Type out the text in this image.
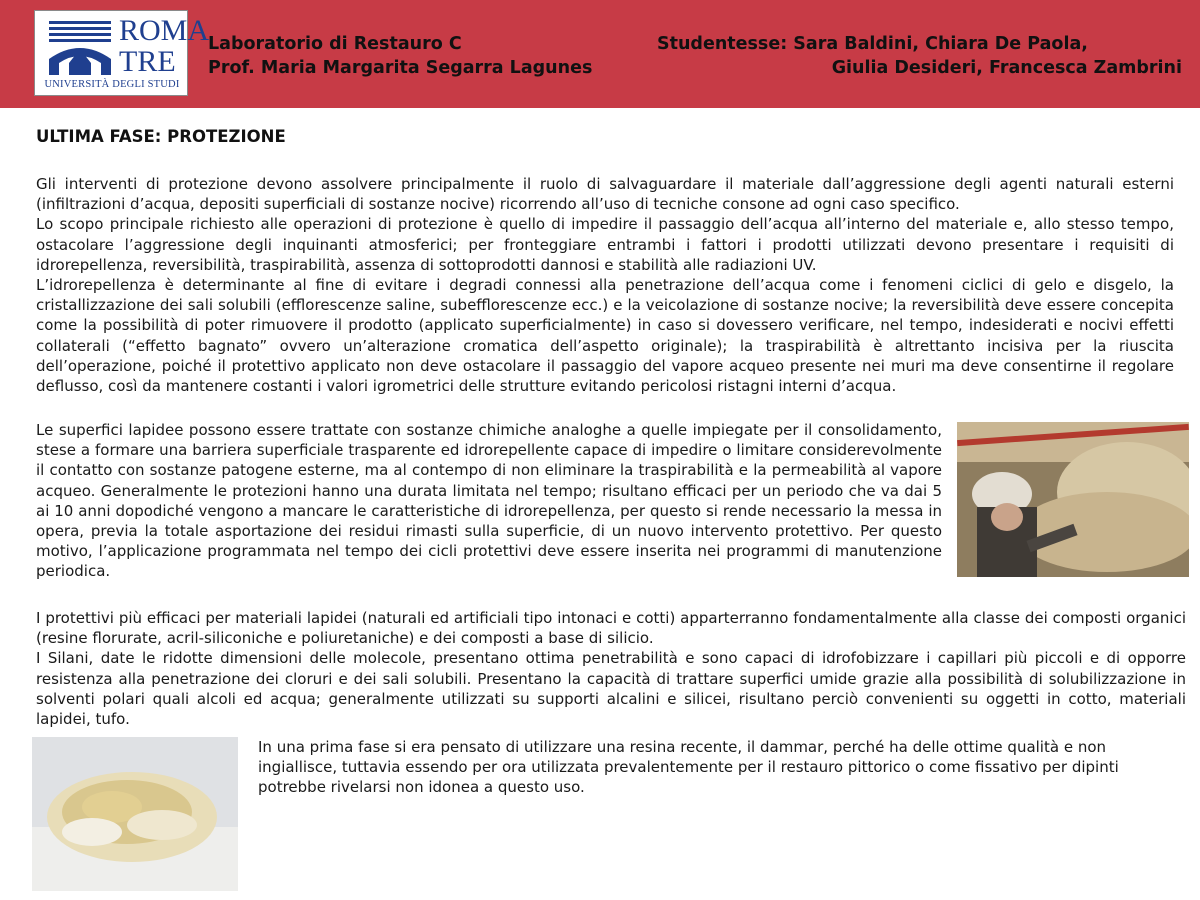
ROMA
TRE
UNIVERSITÀ DEGLI STUDI
Laboratorio di Restauro C
Prof. Maria Margarita Segarra Lagunes
Studentesse: Sara Baldini, Chiara De Paola,
Giulia Desideri, Francesca Zambrini
ULTIMA FASE: PROTEZIONE

Gli interventi di protezione devono assolvere principalmente il ruolo di salvaguardare il materiale dall’aggressione degli agenti naturali esterni (infiltrazioni d’acqua, depositi superficiali di sostanze nocive) ricorrendo all’uso di tecniche consone ad ogni caso specifico.

Lo scopo principale richiesto alle operazioni di protezione è quello di impedire il passaggio dell’acqua all’interno del materiale e, allo stesso tempo, ostacolare l’aggressione degli inquinanti atmosferici; per fronteggiare entrambi i fattori i prodotti utilizzati devono presentare i requisiti di idrorepellenza, reversibilità, traspirabilità, assenza di sottoprodotti dannosi e stabilità alle radiazioni UV.

L’idrorepellenza è determinante al fine di evitare i degradi connessi alla penetrazione dell’acqua come i fenomeni ciclici di gelo e disgelo, la cristallizzazione dei sali solubili (efflorescenze saline, subefflorescenze ecc.) e la veicolazione di sostanze nocive; la reversibilità deve essere concepita come la possibilità di poter rimuovere il prodotto (applicato superficialmente) in caso si dovessero verificare, nel tempo, indesiderati e nocivi effetti collaterali (“effetto bagnato” ovvero un’alterazione cromatica dell’aspetto originale); la traspirabilità è altrettanto incisiva per la riuscita dell’operazione, poiché il protettivo applicato non deve ostacolare il passaggio del vapore acqueo presente nei muri ma deve consentirne il regolare deflusso, così da mantenere costanti i valori igrometrici delle strutture evitando pericolosi ristagni interni d’acqua.

Le superfici lapidee possono essere trattate con sostanze chimiche analoghe a quelle impiegate per il consolidamento, stese a formare una barriera superficiale trasparente ed idrorepellente capace di impedire o limitare considerevolmente il contatto con sostanze patogene esterne, ma al contempo di non eliminare la traspirabilità e la permeabilità al vapore acqueo. Generalmente le protezioni hanno una durata limitata nel tempo; risultano efficaci per un periodo che va dai 5 ai 10 anni dopodiché vengono a mancare le caratteristiche di idrorepellenza, per questo si rende necessario la messa in opera, previa la totale asportazione dei residui rimasti sulla superficie, di un nuovo intervento protettivo. Per questo motivo, l’applicazione programmata nel tempo dei cicli protettivi deve essere inserita nei programmi di manutenzione periodica.

I protettivi più efficaci per materiali lapidei (naturali ed artificiali tipo intonaci e cotti) apparterranno fondamentalmente alla classe dei composti organici (resine florurate, acril-siliconiche e poliuretaniche) e dei composti a base di silicio.

I Silani, date le ridotte dimensioni delle molecole, presentano ottima penetrabilità e sono capaci di idrofobizzare i capillari più piccoli e di opporre resistenza alla penetrazione dei cloruri e dei sali solubili. Presentano la capacità di trattare superfici umide grazie alla possibilità di solubilizzazione in solventi polari quali alcoli ed acqua; generalmente utilizzati su supporti alcalini e silicei, risultano perciò convenienti su oggetti in cotto, materiali lapidei, tufo.

In una prima fase si era pensato di utilizzare una resina recente, il dammar, perché ha delle ottime qualità e non ingiallisce, tuttavia essendo per ora utilizzata prevalentemente per il restauro pittorico o come fissativo per dipinti potrebbe rivelarsi non idonea a questo uso.
